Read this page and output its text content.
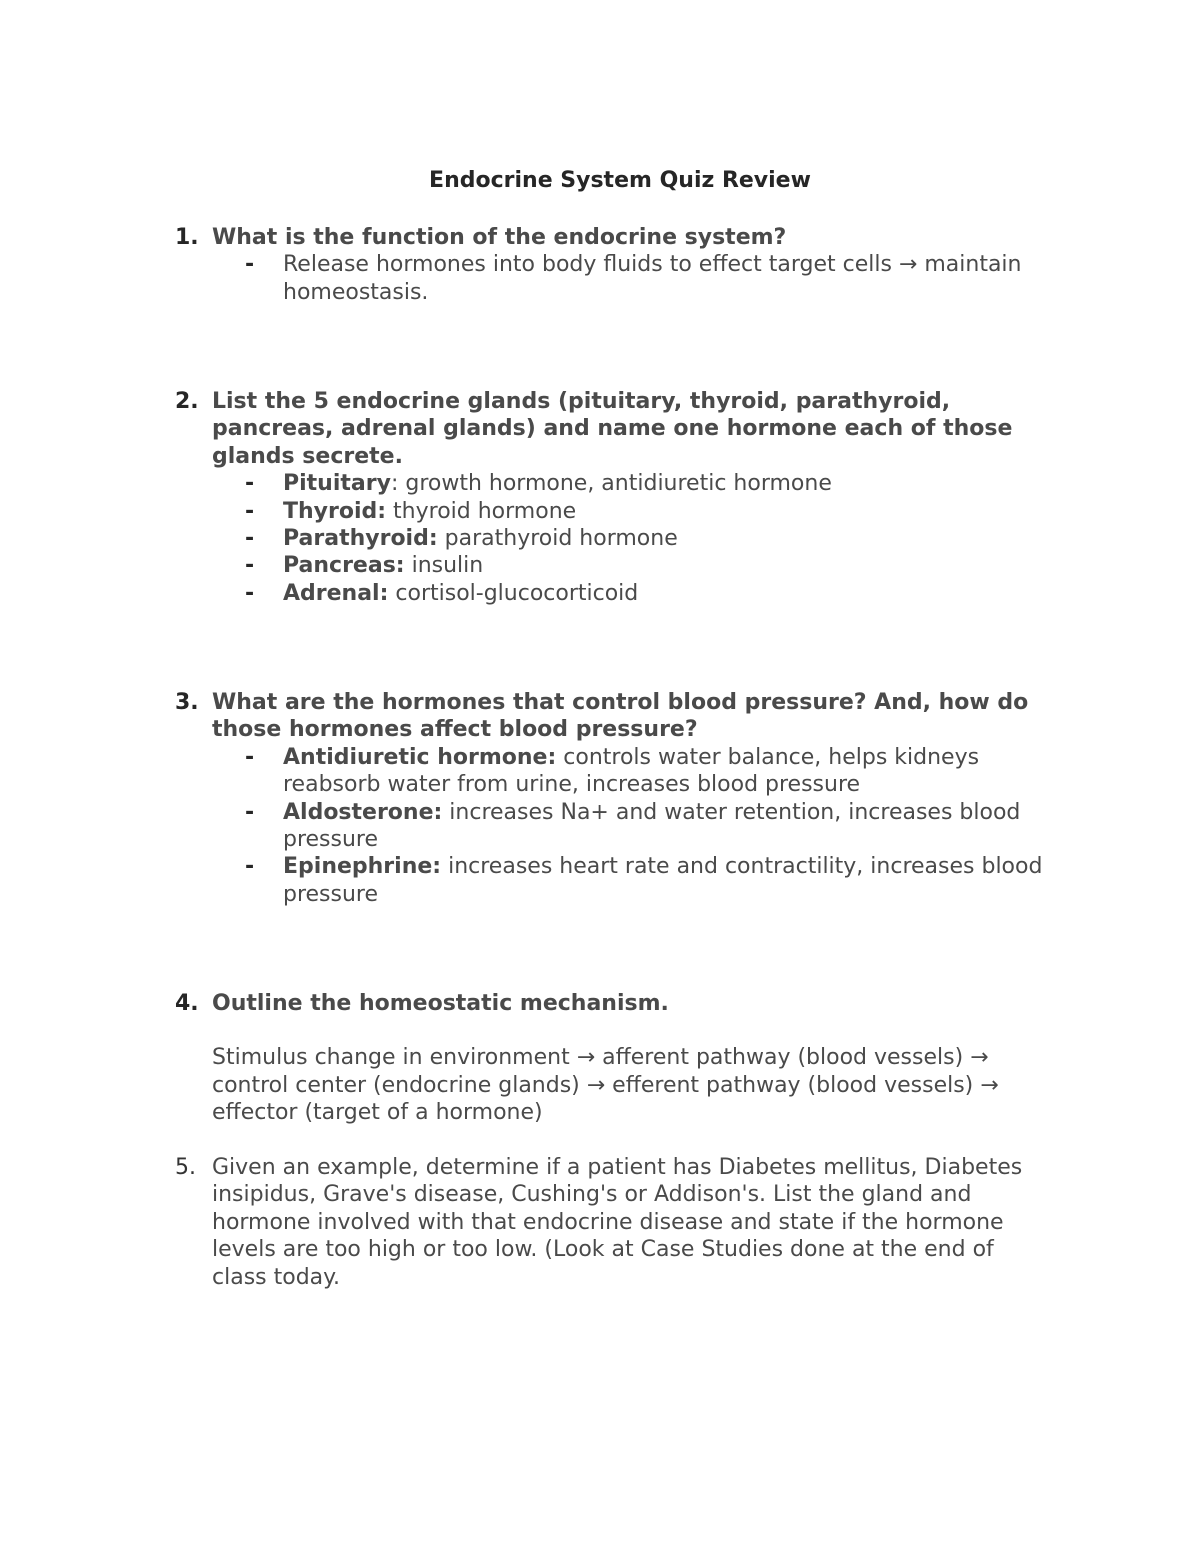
Endocrine System Quiz Review
1. What is the function of the endocrine system?
-	Release hormones into body fluids to effect target cells → maintain homeostasis.
2. List the 5 endocrine glands (pituitary, thyroid, parathyroid, pancreas, adrenal glands) and name one hormone each of those glands secrete.
-	Pituitary: growth hormone, antidiuretic hormone
-	Thyroid: thyroid hormone
-	Parathyroid: parathyroid hormone
-	Pancreas: insulin
-	Adrenal: cortisol-glucocorticoid
3. What are the hormones that control blood pressure? And, how do those hormones affect blood pressure?
-	Antidiuretic hormone: controls water balance, helps kidneys reabsorb water from urine, increases blood pressure
-	Aldosterone: increases Na+ and water retention, increases blood pressure
-	Epinephrine: increases heart rate and contractility, increases blood pressure
4. Outline the homeostatic mechanism.
Stimulus change in environment → afferent pathway (blood vessels) → control center (endocrine glands) → efferent pathway (blood vessels) → effector (target of a hormone)
5. Given an example, determine if a patient has Diabetes mellitus, Diabetes insipidus, Grave's disease, Cushing's or Addison's. List the gland and hormone involved with that endocrine disease and state if the hormone levels are too high or too low. (Look at Case Studies done at the end of class today.
